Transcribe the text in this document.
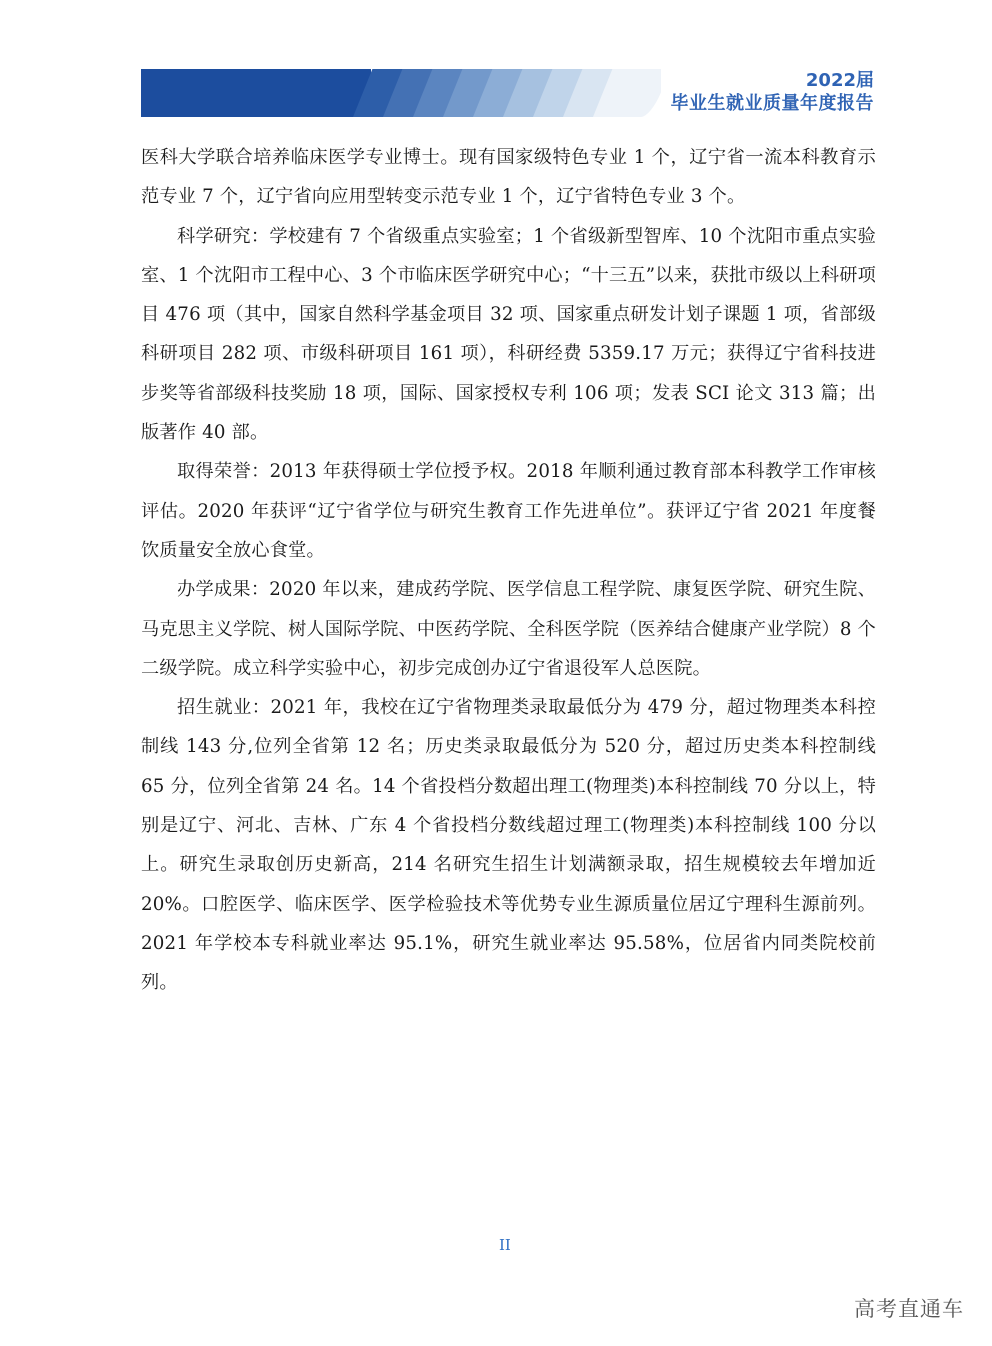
2022届
毕业生就业质量年度报告

医科大学联合培养临床医学专业博士。现有国家级特色专业 1 个，辽宁省一流本科教育示范专业 7 个，辽宁省向应用型转变示范专业 1 个，辽宁省特色专业 3 个。

科学研究：学校建有 7 个省级重点实验室；1 个省级新型智库、10 个沈阳市重点实验室、1 个沈阳市工程中心、3 个市临床医学研究中心；“十三五”以来，获批市级以上科研项目 476 项（其中，国家自然科学基金项目 32 项、国家重点研发计划子课题 1 项，省部级科研项目 282 项、市级科研项目 161 项），科研经费 5359.17 万元；获得辽宁省科技进步奖等省部级科技奖励 18 项，国际、国家授权专利 106 项；发表 SCI 论文 313 篇；出版著作 40 部。

取得荣誉：2013 年获得硕士学位授予权。2018 年顺利通过教育部本科教学工作审核评估。2020 年获评“辽宁省学位与研究生教育工作先进单位”。获评辽宁省 2021 年度餐饮质量安全放心食堂。

办学成果：2020 年以来，建成药学院、医学信息工程学院、康复医学院、研究生院、马克思主义学院、树人国际学院、中医药学院、全科医学院（医养结合健康产业学院）8 个二级学院。成立科学实验中心，初步完成创办辽宁省退役军人总医院。

招生就业：2021 年，我校在辽宁省物理类录取最低分为 479 分，超过物理类本科控制线 143 分,位列全省第 12 名；历史类录取最低分为 520 分，超过历史类本科控制线 65 分，位列全省第 24 名。14 个省投档分数超出理工(物理类)本科控制线 70 分以上，特别是辽宁、河北、吉林、广东 4 个省投档分数线超过理工(物理类)本科控制线 100 分以上。研究生录取创历史新高，214 名研究生招生计划满额录取，招生规模较去年增加近 20%。口腔医学、临床医学、医学检验技术等优势专业生源质量位居辽宁理科生源前列。2021 年学校本专科就业率达 95.1%，研究生就业率达 95.58%，位居省内同类院校前列。

II
高考直通车
